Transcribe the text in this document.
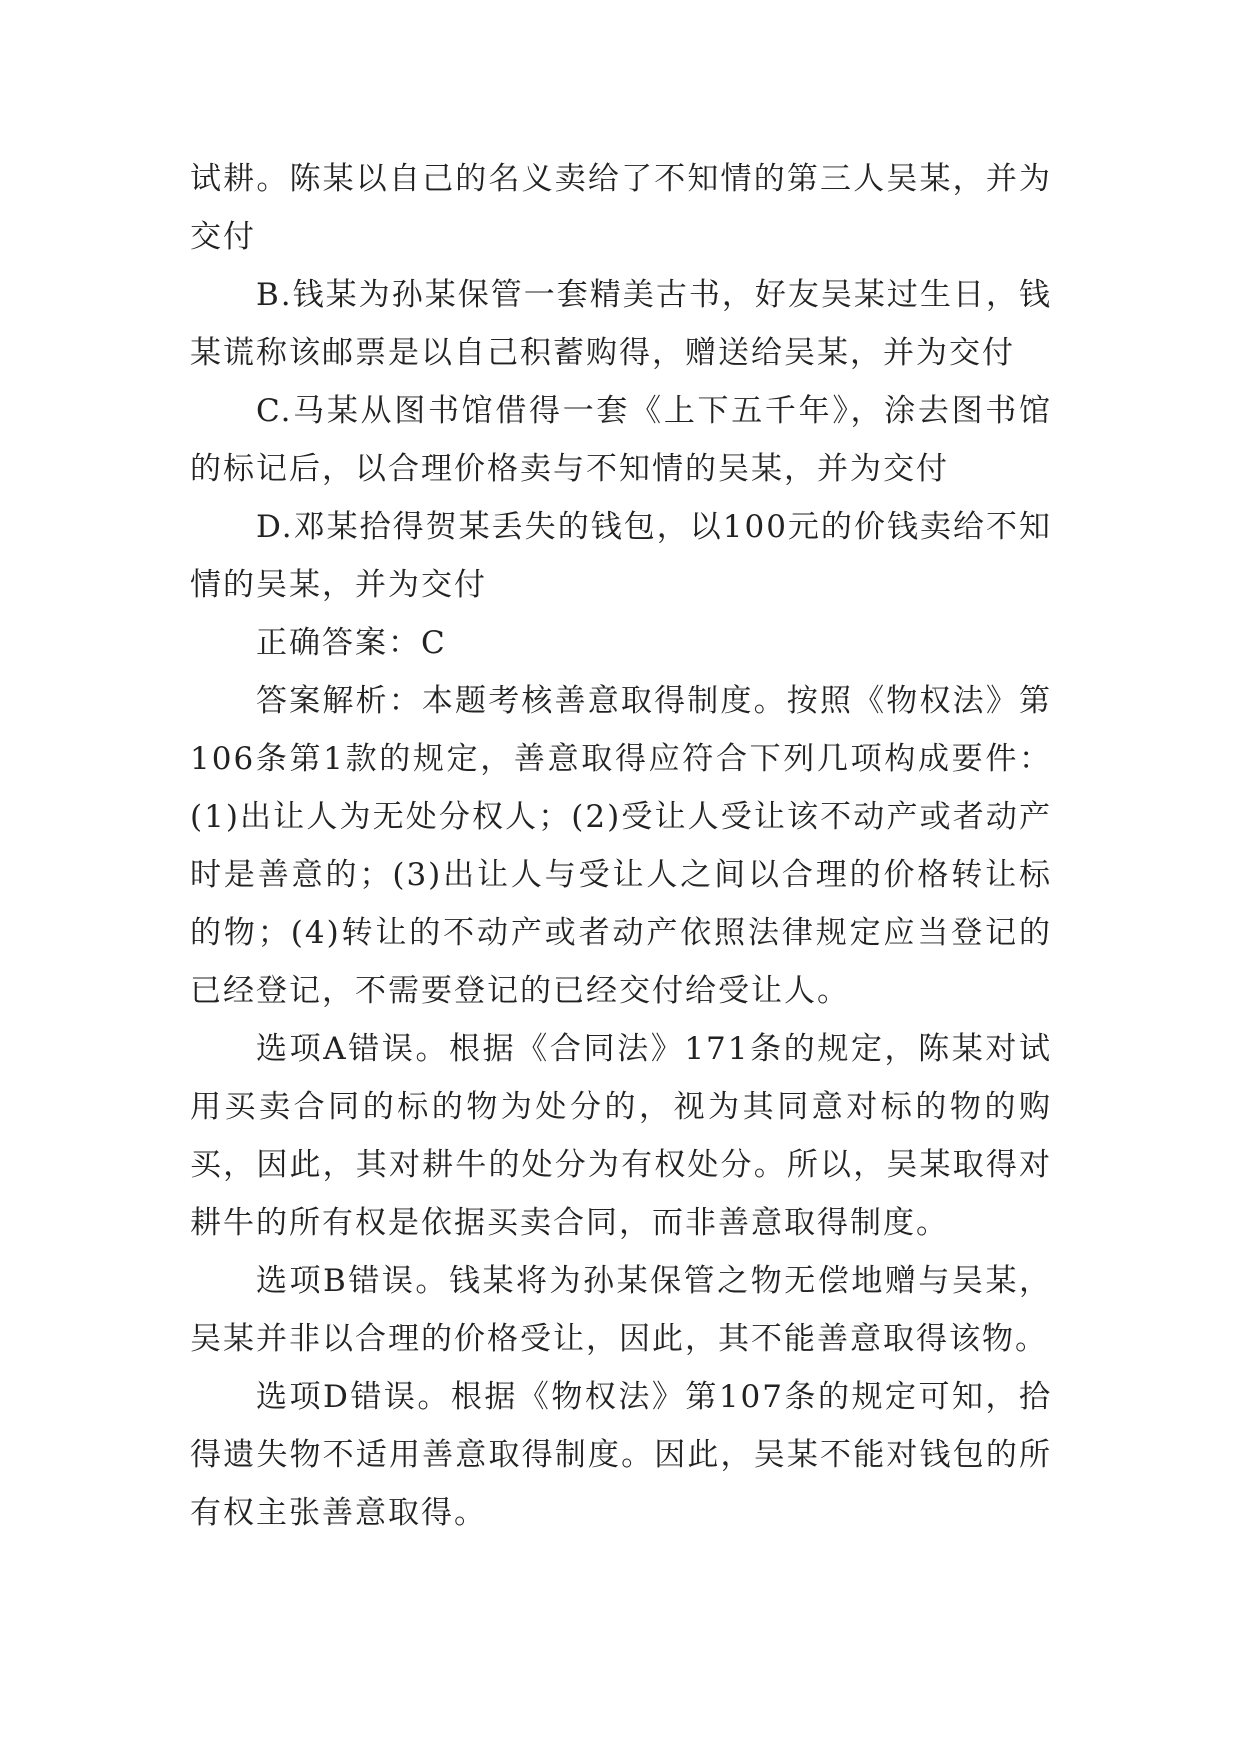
试耕。陈某以自己的名义卖给了不知情的第三人吴某，并为交付

B.钱某为孙某保管一套精美古书，好友吴某过生日，钱某谎称该邮票是以自己积蓄购得，赠送给吴某，并为交付

C.马某从图书馆借得一套《上下五千年》，涂去图书馆的标记后，以合理价格卖与不知情的吴某，并为交付

D.邓某拾得贺某丢失的钱包，以100元的价钱卖给不知情的吴某，并为交付

正确答案：C

答案解析：本题考核善意取得制度。按照《物权法》第106条第1款的规定，善意取得应符合下列几项构成要件：(1)出让人为无处分权人；(2)受让人受让该不动产或者动产时是善意的；(3)出让人与受让人之间以合理的价格转让标的物；(4)转让的不动产或者动产依照法律规定应当登记的已经登记，不需要登记的已经交付给受让人。

选项A错误。根据《合同法》171条的规定，陈某对试用买卖合同的标的物为处分的，视为其同意对标的物的购买，因此，其对耕牛的处分为有权处分。所以，吴某取得对耕牛的所有权是依据买卖合同，而非善意取得制度。

选项B错误。钱某将为孙某保管之物无偿地赠与吴某，吴某并非以合理的价格受让，因此，其不能善意取得该物。

选项D错误。根据《物权法》第107条的规定可知，拾得遗失物不适用善意取得制度。因此，吴某不能对钱包的所有权主张善意取得。
